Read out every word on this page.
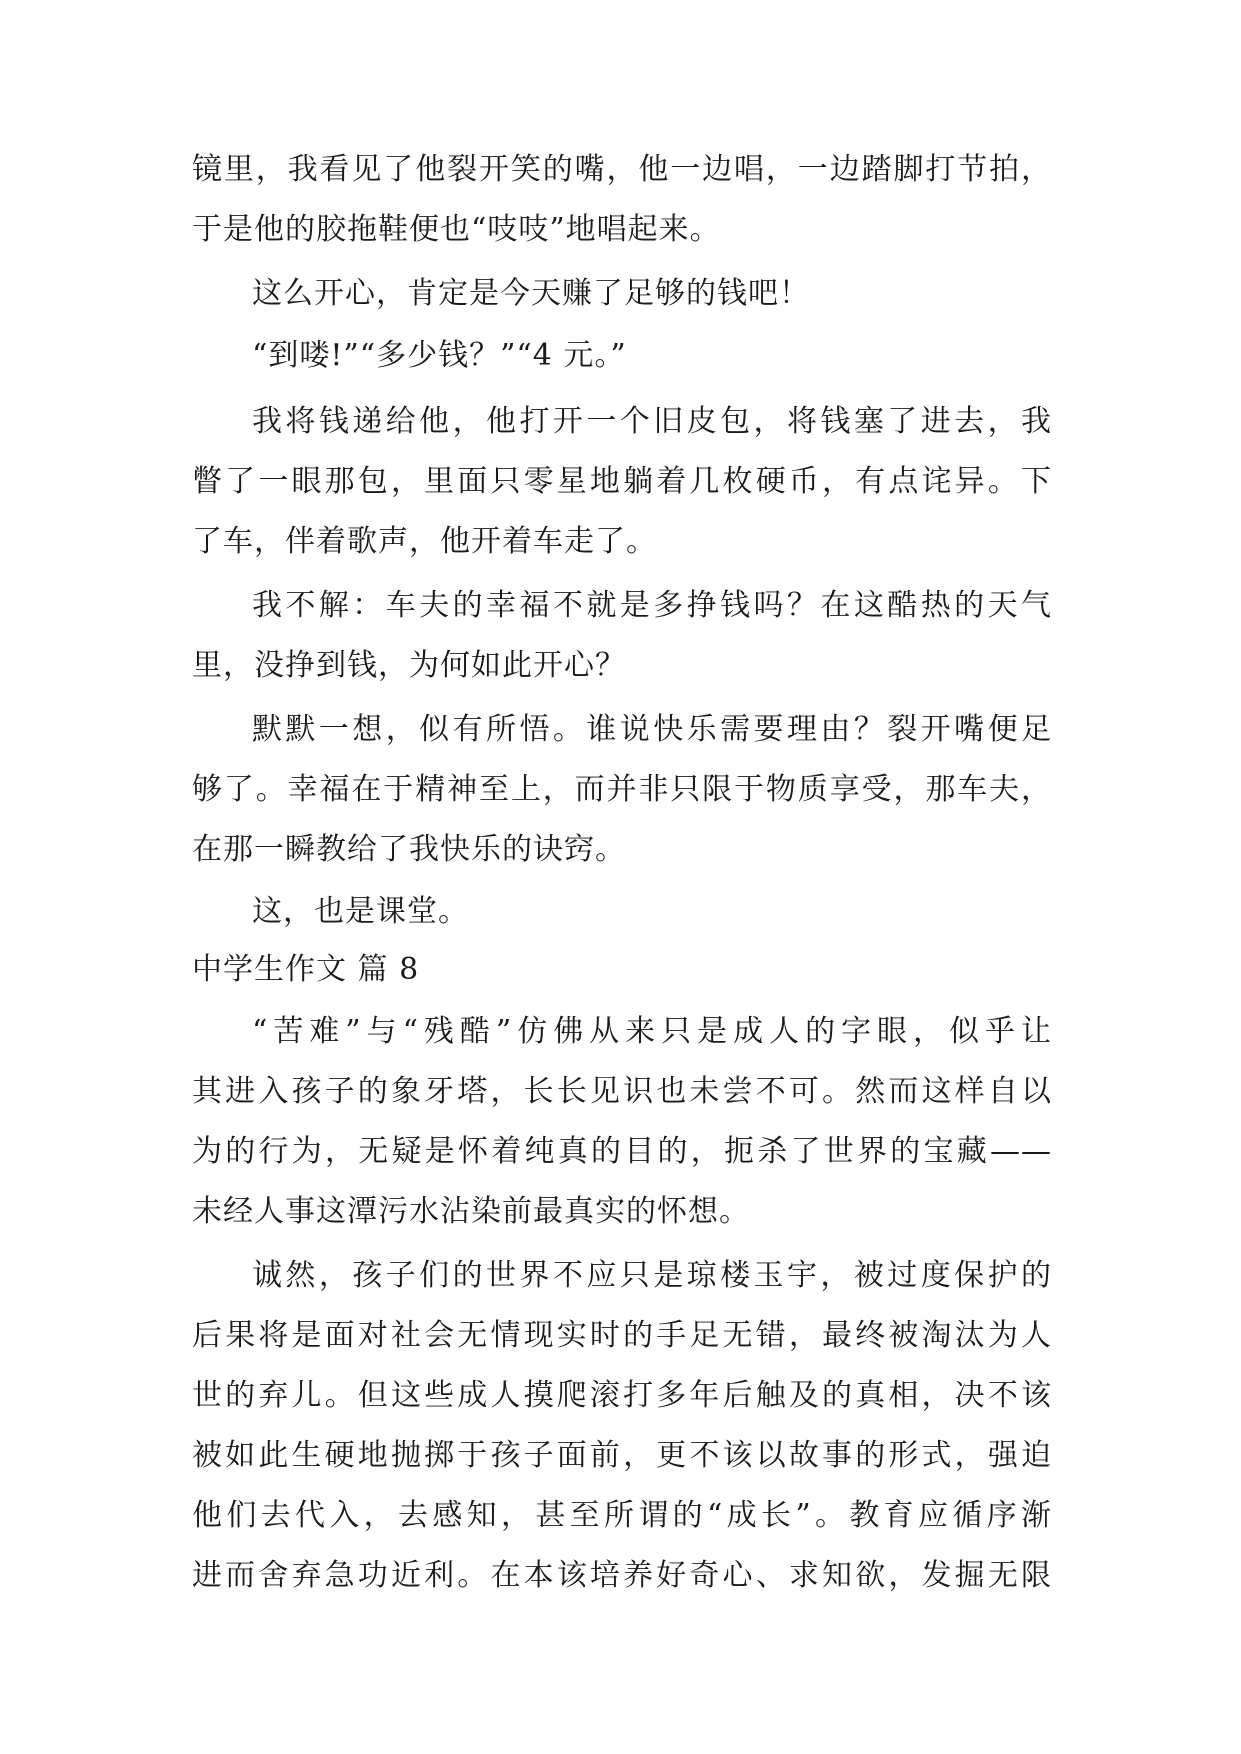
镜里，我看见了他裂开笑的嘴，他一边唱，一边踏脚打节拍，
于是他的胶拖鞋便也“吱吱”地唱起来。
这么开心，肯定是今天赚了足够的钱吧！
“到喽!”“多少钱？”“4 元。”
我将钱递给他，他打开一个旧皮包，将钱塞了进去，我
瞥了一眼那包，里面只零星地躺着几枚硬币，有点诧异。下
了车，伴着歌声，他开着车走了。
我不解：车夫的幸福不就是多挣钱吗？在这酷热的天气
里，没挣到钱，为何如此开心？
默默一想，似有所悟。谁说快乐需要理由？裂开嘴便足
够了。幸福在于精神至上，而并非只限于物质享受，那车夫，
在那一瞬教给了我快乐的诀窍。
这，也是课堂。
中学生作文 篇 8
“苦难”与“残酷”仿佛从来只是成人的字眼，似乎让
其进入孩子的象牙塔，长长见识也未尝不可。然而这样自以
为的行为，无疑是怀着纯真的目的，扼杀了世界的宝藏——
未经人事这潭污水沾染前最真实的怀想。
诚然，孩子们的世界不应只是琼楼玉宇，被过度保护的
后果将是面对社会无情现实时的手足无错，最终被淘汰为人
世的弃儿。但这些成人摸爬滚打多年后触及的真相，决不该
被如此生硬地抛掷于孩子面前，更不该以故事的形式，强迫
他们去代入，去感知，甚至所谓的“成长”。教育应循序渐
进而舍弃急功近利。在本该培养好奇心、求知欲，发掘无限
